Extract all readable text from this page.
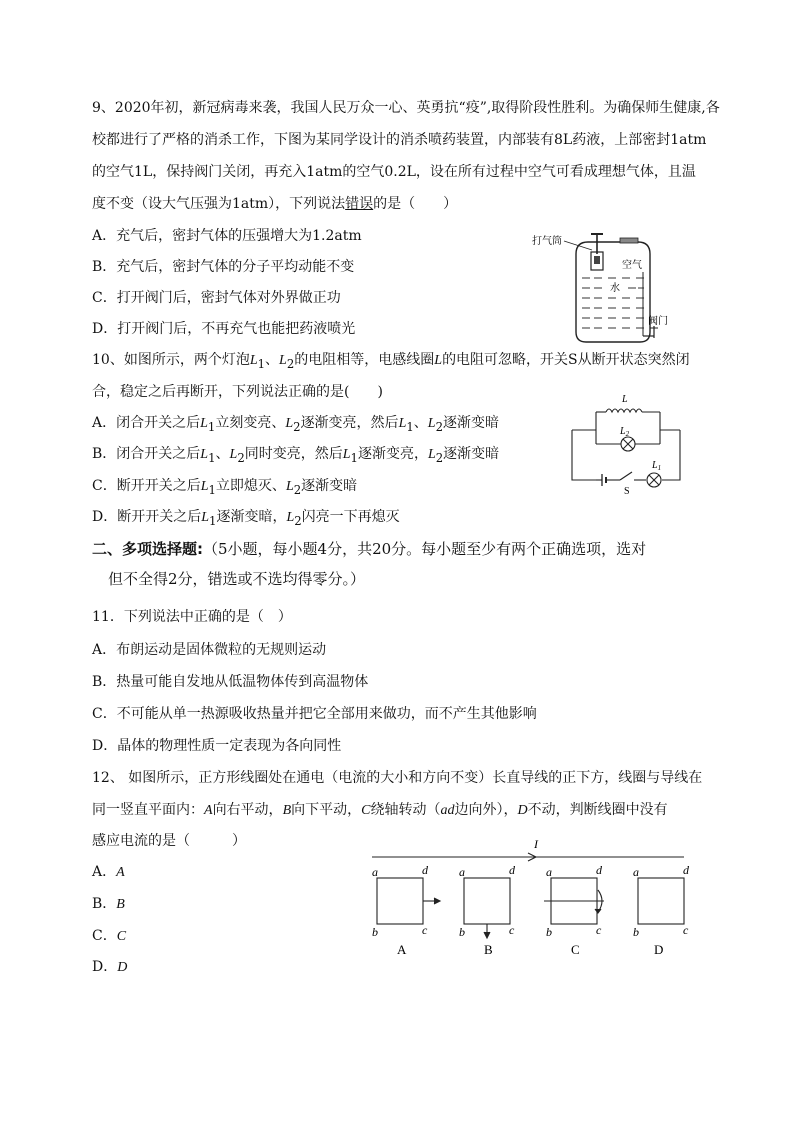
9、2020年初，新冠病毒来袭，我国人民万众一心、英勇抗“疫”,取得阶段性胜利。为确保师生健康,各
校都进行了严格的消杀工作，下图为某同学设计的消杀喷药装置，内部装有8L药液，上部密封1atm
的空气1L，保持阀门关闭，再充入1atm的空气0.2L，设在所有过程中空气可看成理想气体，且温
度不变（设大气压强为1atm），下列说法错误的是（　　）
A．充气后，密封气体的压强增大为1.2atm
B．充气后，密封气体的分子平均动能不变
C．打开阀门后，密封气体对外界做正功
D．打开阀门后，不再充气也能把药液喷光
打气筒
空气
水
阀门
10、如图所示，两个灯泡$L_1$、$L_2$的电阻相等，电感线圈L的电阻可忽略，开关S从断开状态突然闭
合，稳定之后再断开，下列说法正确的是(　　)
A．闭合开关之后$L_1$立刻变亮、$L_2$逐渐变亮，然后$L_1$、$L_2$逐渐变暗
B．闭合开关之后$L_1$、$L_2$同时变亮，然后$L_1$逐渐变亮，$L_2$逐渐变暗
C．断开开关之后$L_1$立即熄灭、$L_2$逐渐变暗
D．断开开关之后$L_1$逐渐变暗，$L_2$闪亮一下再熄灭
L
$L_2$
$L_1$
S
二、多项选择题:（5小题，每小题4分，共20分。每小题至少有两个正确选项，选对
但不全得2分，错选或不选均得零分。）
11．下列说法中正确的是（　）
A．布朗运动是固体微粒的无规则运动
B．热量可能自发地从低温物体传到高温物体
C．不可能从单一热源吸收热量并把它全部用来做功，而不产生其他影响
D．晶体的物理性质一定表现为各向同性
12、 如图所示，正方形线圈处在通电（电流的大小和方向不变）长直导线的正下方，线圈与导线在
同一竖直平面内：A向右平动，B向下平动，C绕轴转动（ad边向外），D不动，判断线圈中没有
感应电流的是（　　　）
A．A
B．B
C．C
D．D
a	d
b	c
a	d
b	c
a	d
b	c
a	d
b	c
I
A	B	C	D
